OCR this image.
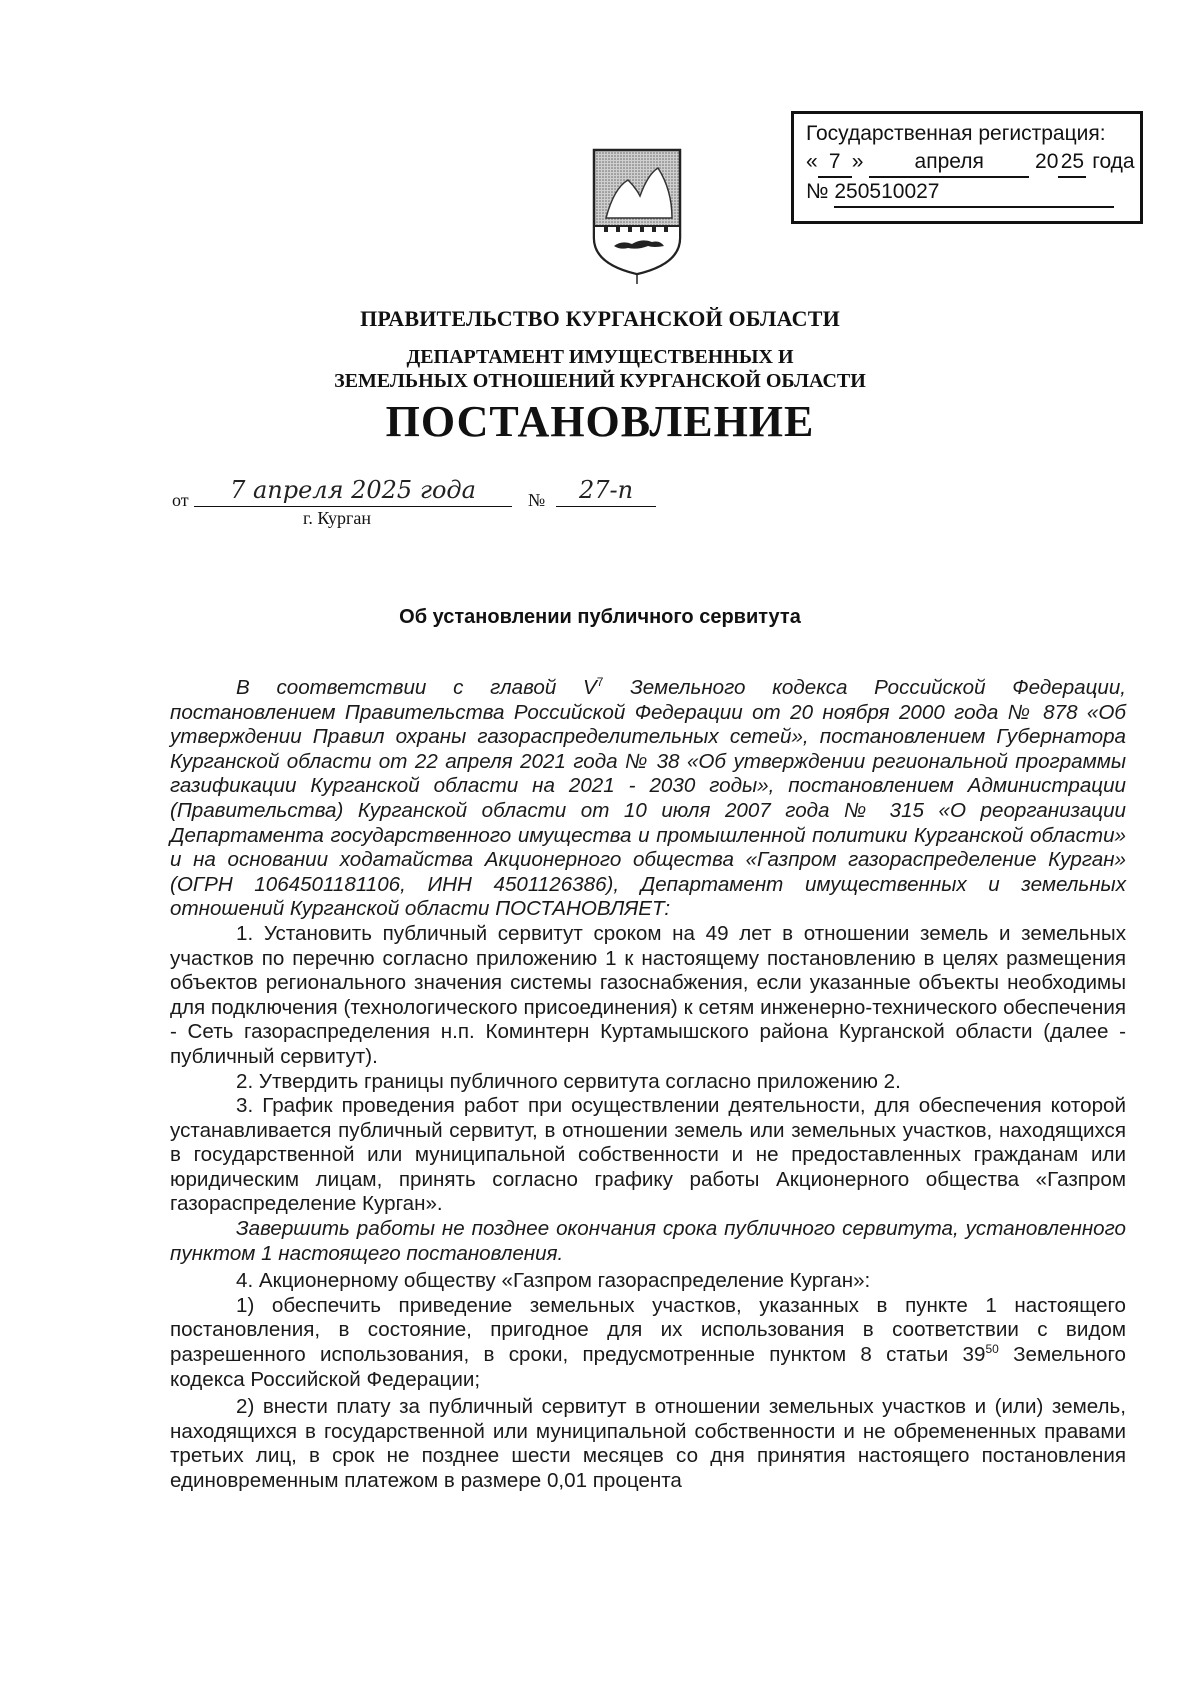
Государственная регистрация:
« 7 » апреля 20 25 года
№ 250510027
ПРАВИТЕЛЬСТВО КУРГАНСКОЙ ОБЛАСТИ
ДЕПАРТАМЕНТ ИМУЩЕСТВЕННЫХ И
ЗЕМЕЛЬНЫХ ОТНОШЕНИЙ КУРГАНСКОЙ ОБЛАСТИ
ПОСТАНОВЛЕНИЕ
от	7 апреля 2025 года	№	27-п
г. Курган
Об установлении публичного сервитута

В соответствии с главой $V^7$ Земельного кодекса Российской Федерации, постановлением Правительства Российской Федерации от 20 ноября 2000 года № 878 «Об утверждении Правил охраны газораспределительных сетей», постановлением Губернатора Курганской области от 22 апреля 2021 года № 38 «Об утверждении региональной программы газификации Курганской области на 2021 - 2030 годы», постановлением Администрации (Правительства) Курганской области от 10 июля 2007 года № 315 «О реорганизации Департамента государственного имущества и промышленной политики Курганской области» и на основании ходатайства Акционерного общества «Газпром газораспределение Курган» (ОГРН 1064501181106, ИНН 4501126386), Департамент имущественных и земельных отношений Курганской области ПОСТАНОВЛЯЕТ:

1. Установить публичный сервитут сроком на 49 лет в отношении земель и земельных участков по перечню согласно приложению 1 к настоящему постановлению в целях размещения объектов регионального значения системы газоснабжения, если указанные объекты необходимы для подключения (технологического присоединения) к сетям инженерно-технического обеспечения - Сеть газораспределения н.п. Коминтерн Куртамышского района Курганской области (далее - публичный сервитут).

2. Утвердить границы публичного сервитута согласно приложению 2.

3. График проведения работ при осуществлении деятельности, для обеспечения которой устанавливается публичный сервитут, в отношении земель или земельных участков, находящихся в государственной или муниципальной собственности и не предоставленных гражданам или юридическим лицам, принять согласно графику работы Акционерного общества «Газпром газораспределение Курган».

Завершить работы не позднее окончания срока публичного сервитута, установленного пунктом 1 настоящего постановления.

4. Акционерному обществу «Газпром газораспределение Курган»:

1) обеспечить приведение земельных участков, указанных в пункте 1 настоящего постановления, в состояние, пригодное для их использования в соответствии с видом разрешенного использования, в сроки, предусмотренные пунктом 8 статьи $39^{50}$ Земельного кодекса Российской Федерации;

2) внести плату за публичный сервитут в отношении земельных участков и (или) земель, находящихся в государственной или муниципальной собственности и не обремененных правами третьих лиц, в срок не позднее шести месяцев со дня принятия настоящего постановления единовременным платежом в размере 0,01 процента
